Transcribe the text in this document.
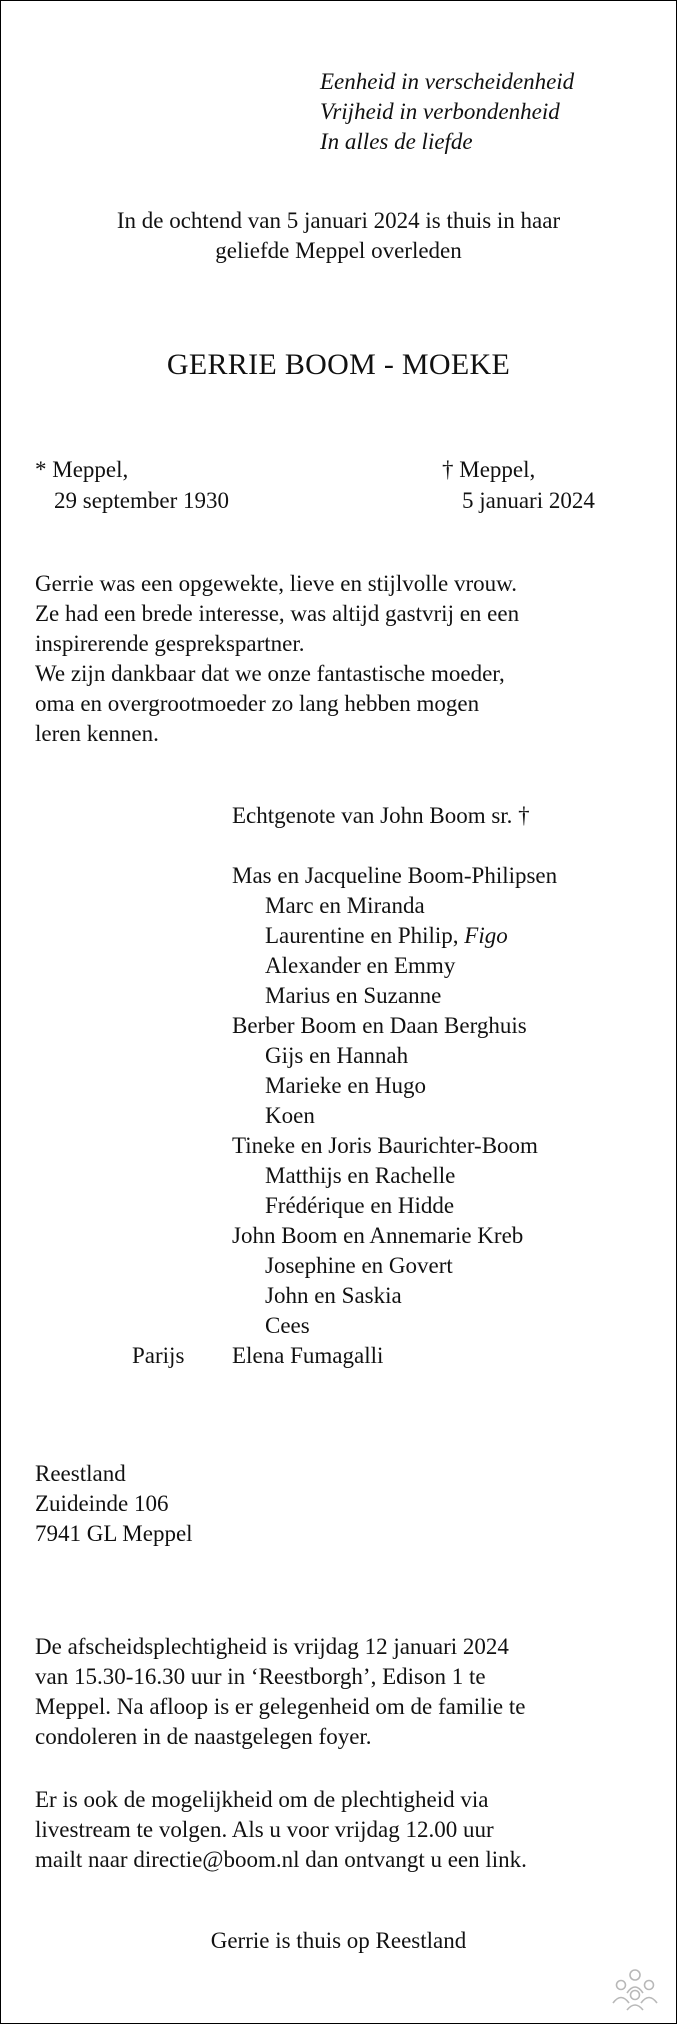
Eenheid in verscheidenheid
Vrijheid in verbondenheid
In alles de liefde
In de ochtend van 5 januari 2024 is thuis in haar
geliefde Meppel overleden
GERRIE BOOM - MOEKE
* Meppel,
29 september 1930
† Meppel,
5 januari 2024
Gerrie was een opgewekte, lieve en stijlvolle vrouw.
Ze had een brede interesse, was altijd gastvrij en een
inspirerende gesprekspartner.
We zijn dankbaar dat we onze fantastische moeder,
oma en overgrootmoeder zo lang hebben mogen
leren kennen.
Echtgenote van John Boom sr. †
Mas en Jacqueline Boom-Philipsen
Marc en Miranda
Laurentine en Philip, Figo
Alexander en Emmy
Marius en Suzanne
Berber Boom en Daan Berghuis
Gijs en Hannah
Marieke en Hugo
Koen
Tineke en Joris Baurichter-Boom
Matthijs en Rachelle
Frédérique en Hidde
John Boom en Annemarie Kreb
Josephine en Govert
John en Saskia
Cees
Elena Fumagalli
Parijs
Reestland
Zuideinde 106
7941 GL Meppel
De afscheidsplechtigheid is vrijdag 12 januari 2024
van 15.30-16.30 uur in ‘Reestborgh’, Edison 1 te
Meppel. Na afloop is er gelegenheid om de familie te
condoleren in de naastgelegen foyer.
Er is ook de mogelijkheid om de plechtigheid via
livestream te volgen. Als u voor vrijdag 12.00 uur
mailt naar directie@boom.nl dan ontvangt u een link.
Gerrie is thuis op Reestland
